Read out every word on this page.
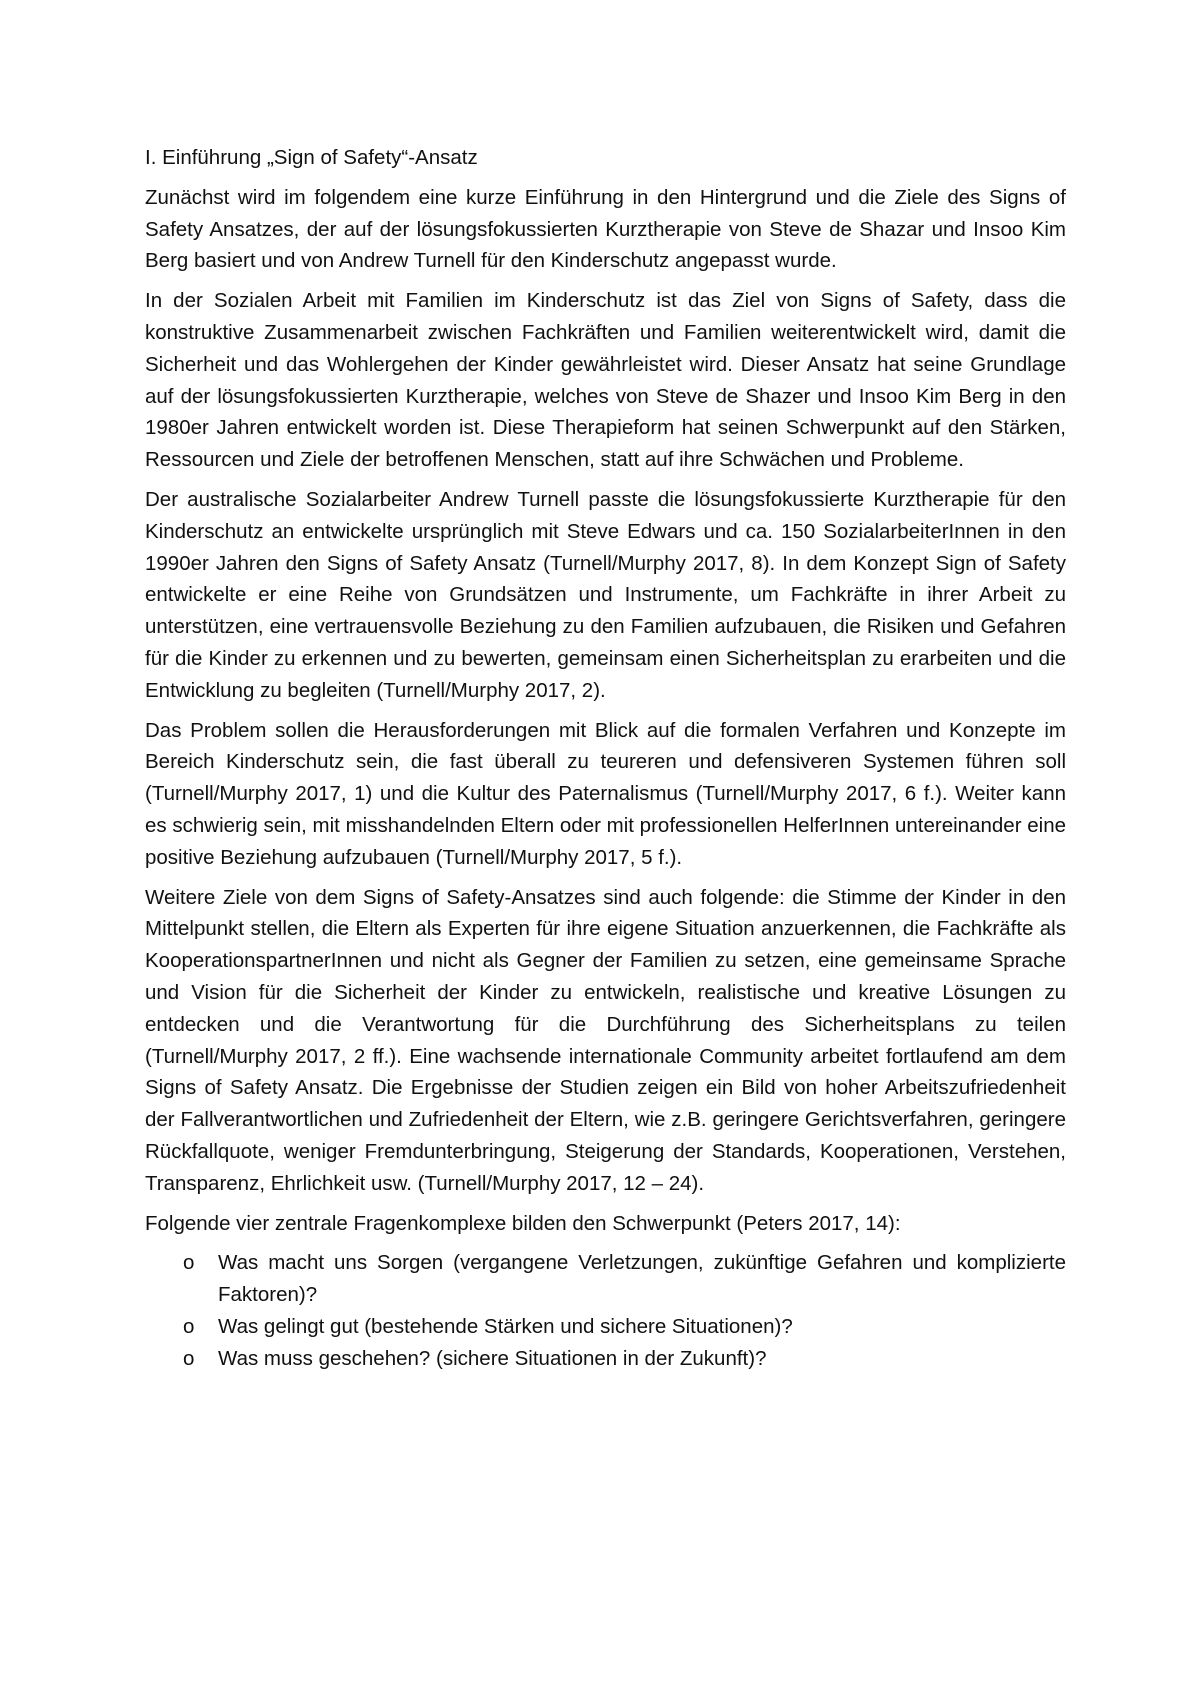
I. Einführung „Sign of Safety“-Ansatz

Zunächst wird im folgendem eine kurze Einführung in den Hintergrund und die Ziele des Signs of Safety Ansatzes, der auf der lösungsfokussierten Kurztherapie von Steve de Shazar und Insoo Kim Berg basiert und von Andrew Turnell für den Kinderschutz angepasst wurde.

In der Sozialen Arbeit mit Familien im Kinderschutz ist das Ziel von Signs of Safety, dass die konstruktive Zusammenarbeit zwischen Fachkräften und Familien weiterentwickelt wird, damit die Sicherheit und das Wohlergehen der Kinder gewährleistet wird. Dieser Ansatz hat seine Grundlage auf der lösungsfokussierten Kurztherapie, welches von Steve de Shazer und Insoo Kim Berg in den 1980er Jahren entwickelt worden ist. Diese Therapieform hat seinen Schwerpunkt auf den Stärken, Ressourcen und Ziele der betroffenen Menschen, statt auf ihre Schwächen und Probleme.

Der australische Sozialarbeiter Andrew Turnell passte die lösungsfokussierte Kurztherapie für den Kinderschutz an entwickelte ursprünglich mit Steve Edwars und ca. 150 SozialarbeiterInnen in den 1990er Jahren den Signs of Safety Ansatz (Turnell/Murphy 2017, 8). In dem Konzept Sign of Safety entwickelte er eine Reihe von Grundsätzen und Instrumente, um Fachkräfte in ihrer Arbeit zu unterstützen, eine vertrauensvolle Beziehung zu den Familien aufzubauen, die Risiken und Gefahren für die Kinder zu erkennen und zu bewerten, gemeinsam einen Sicherheitsplan zu erarbeiten und die Entwicklung zu begleiten (Turnell/Murphy 2017, 2).

Das Problem sollen die Herausforderungen mit Blick auf die formalen Verfahren und Konzepte im Bereich Kinderschutz sein, die fast überall zu teureren und defensiveren Systemen führen soll (Turnell/Murphy 2017, 1) und die Kultur des Paternalismus (Turnell/Murphy 2017, 6 f.). Weiter kann es schwierig sein, mit misshandelnden Eltern oder mit professionellen HelferInnen untereinander eine positive Beziehung aufzubauen (Turnell/Murphy 2017, 5 f.).

Weitere Ziele von dem Signs of Safety-Ansatzes sind auch folgende: die Stimme der Kinder in den Mittelpunkt stellen, die Eltern als Experten für ihre eigene Situation anzuerkennen, die Fachkräfte als KooperationspartnerInnen und nicht als Gegner der Familien zu setzen, eine gemeinsame Sprache und Vision für die Sicherheit der Kinder zu entwickeln, realistische und kreative Lösungen zu entdecken und die Verantwortung für die Durchführung des Sicherheitsplans zu teilen (Turnell/Murphy 2017, 2 ff.). Eine wachsende internationale Community arbeitet fortlaufend am dem Signs of Safety Ansatz. Die Ergebnisse der Studien zeigen ein Bild von hoher Arbeitszufriedenheit der Fallverantwortlichen und Zufriedenheit der Eltern, wie z.B. geringere Gerichtsverfahren, geringere Rückfallquote, weniger Fremdunterbringung, Steigerung der Standards, Kooperationen, Verstehen, Transparenz, Ehrlichkeit usw. (Turnell/Murphy 2017, 12 – 24).

Folgende vier zentrale Fragenkomplexe bilden den Schwerpunkt (Peters 2017, 14):

o Was macht uns Sorgen (vergangene Verletzungen, zukünftige Gefahren und komplizierte Faktoren)?
o Was gelingt gut (bestehende Stärken und sichere Situationen)?
o Was muss geschehen? (sichere Situationen in der Zukunft)?
